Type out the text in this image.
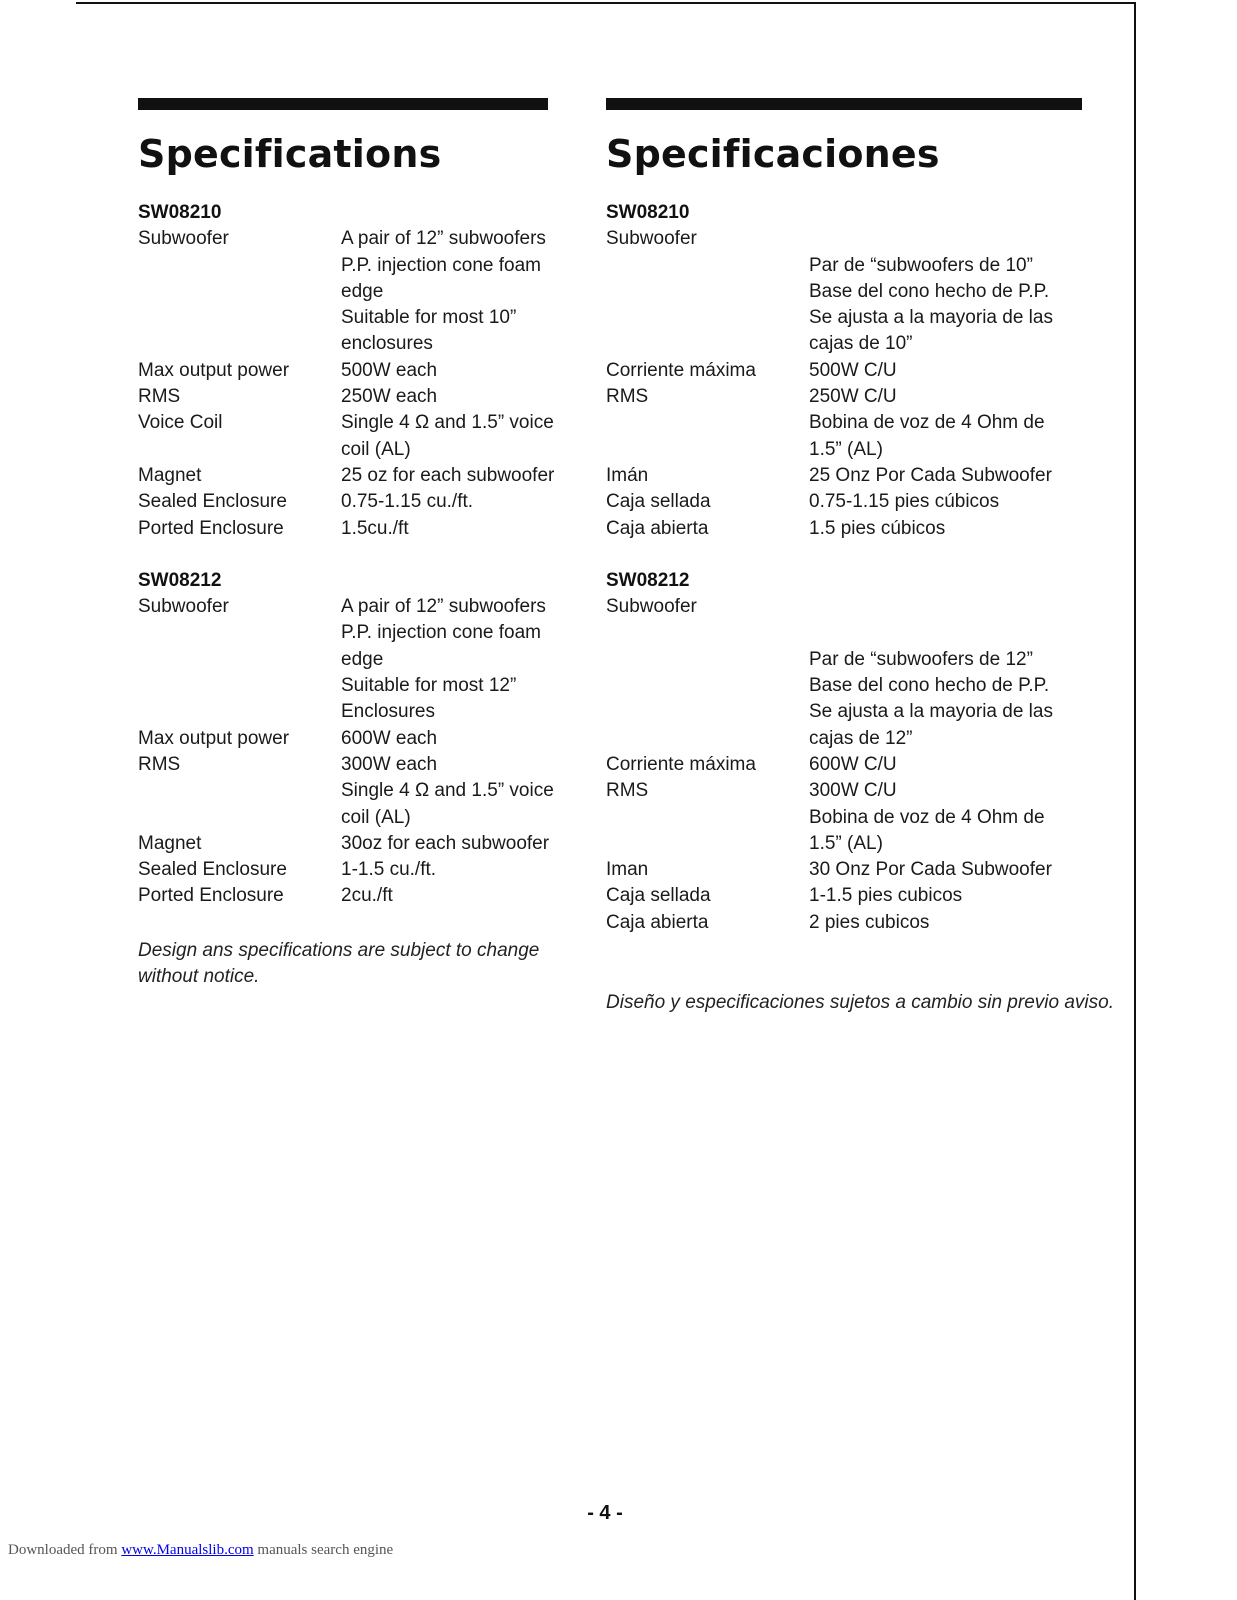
Specifications
SW08210
Subwoofer	A pair of 12” subwoofers
P.P. injection cone foam
edge
Suitable for most 10”
enclosures
Max output power	500W each
RMS	250W each
Voice Coil	Single 4 Ω and 1.5” voice
coil (AL)
Magnet	25 oz for each subwoofer
Sealed Enclosure	0.75-1.15 cu./ft.
Ported Enclosure	1.5cu./ft
SW08212
Subwoofer	A pair of 12” subwoofers
P.P. injection cone foam
edge
Suitable for most 12”
Enclosures
Max output power	600W each
RMS	300W each
Single 4 Ω and 1.5” voice
coil (AL)
Magnet	30oz for each subwoofer
Sealed Enclosure	1-1.5 cu./ft.
Ported Enclosure	2cu./ft
Design ans specifications are subject to change
without notice.
Specificaciones
SW08210
Subwoofer

Par de “subwoofers de 10”
Base del cono hecho de P.P.
Se ajusta a la mayoria de las
cajas de 10”
Corriente máxima	500W C/U
RMS	250W C/U
Bobina de voz de 4 Ohm de
1.5” (AL)
Imán	25 Onz Por Cada Subwoofer
Caja sellada	0.75-1.15 pies cúbicos
Caja abierta	1.5 pies cúbicos
SW08212
Subwoofer

Par de “subwoofers de 12”
Base del cono hecho de P.P.
Se ajusta a la mayoria de las
cajas de 12”
Corriente máxima	600W C/U
RMS	300W C/U
Bobina de voz de 4 Ohm de
1.5” (AL)
Iman	30 Onz Por Cada Subwoofer
Caja sellada	1-1.5 pies cubicos
Caja abierta	2 pies cubicos

Diseño y especificaciones sujetos a cambio sin previo aviso.
- 4 -
Downloaded from www.Manualslib.com manuals search engine
